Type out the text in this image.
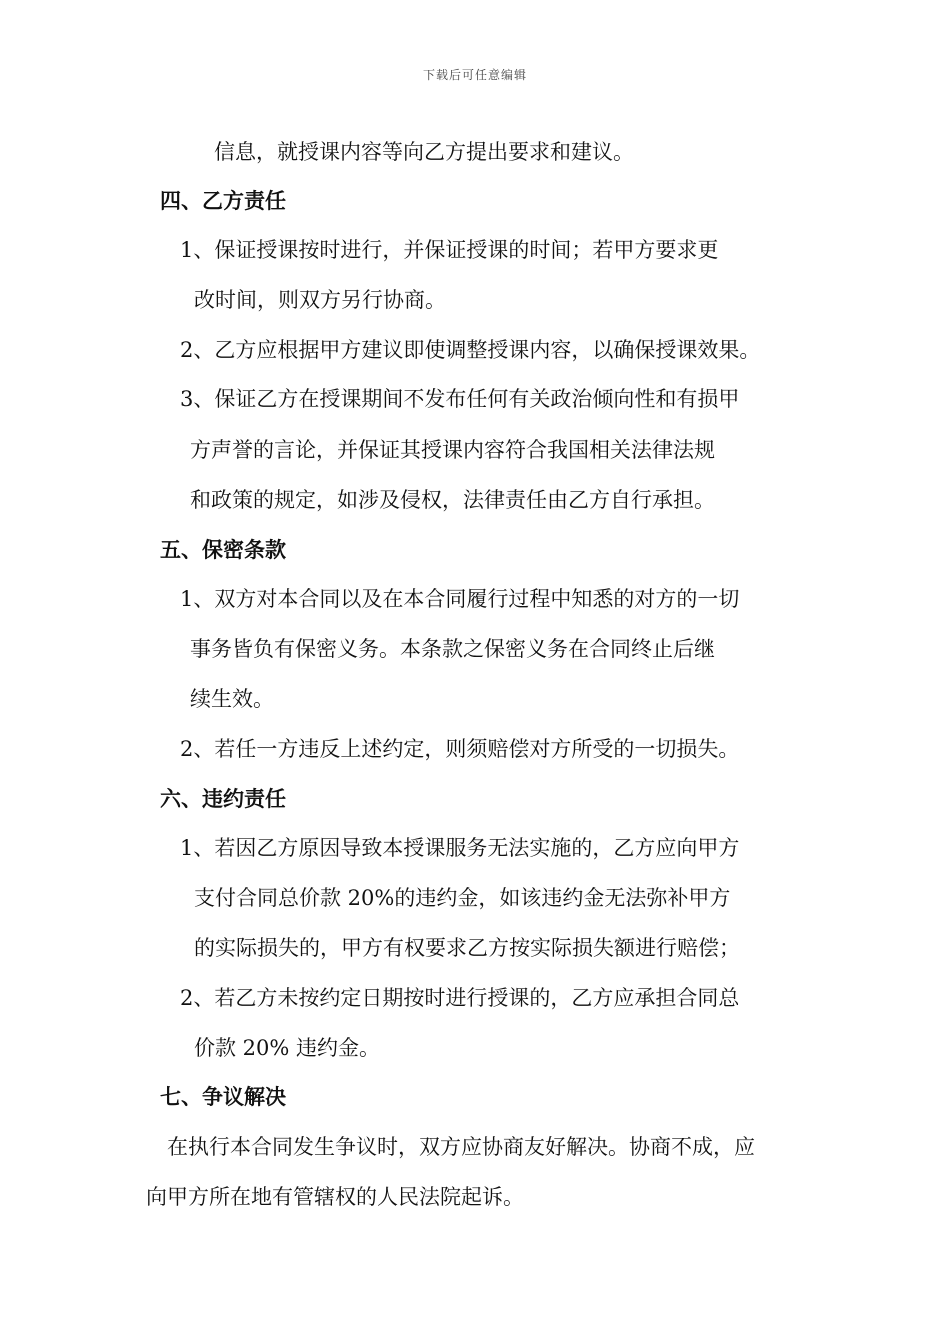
下载后可任意编辑
信息，就授课内容等向乙方提出要求和建议。
四、乙方责任
1、保证授课按时进行，并保证授课的时间；若甲方要求更
改时间，则双方另行协商。
2、乙方应根据甲方建议即使调整授课内容，以确保授课效果。
3、保证乙方在授课期间不发布任何有关政治倾向性和有损甲
方声誉的言论，并保证其授课内容符合我国相关法律法规
和政策的规定，如涉及侵权，法律责任由乙方自行承担。
五、保密条款
1、双方对本合同以及在本合同履行过程中知悉的对方的一切
事务皆负有保密义务。本条款之保密义务在合同终止后继
续生效。
2、若任一方违反上述约定，则须赔偿对方所受的一切损失。
六、违约责任
1、若因乙方原因导致本授课服务无法实施的，乙方应向甲方
支付合同总价款 20%的违约金，如该违约金无法弥补甲方
的实际损失的，甲方有权要求乙方按实际损失额进行赔偿；
2、若乙方未按约定日期按时进行授课的，乙方应承担合同总
价款 20% 违约金。
七、争议解决
在执行本合同发生争议时，双方应协商友好解决。协商不成，应
向甲方所在地有管辖权的人民法院起诉。
